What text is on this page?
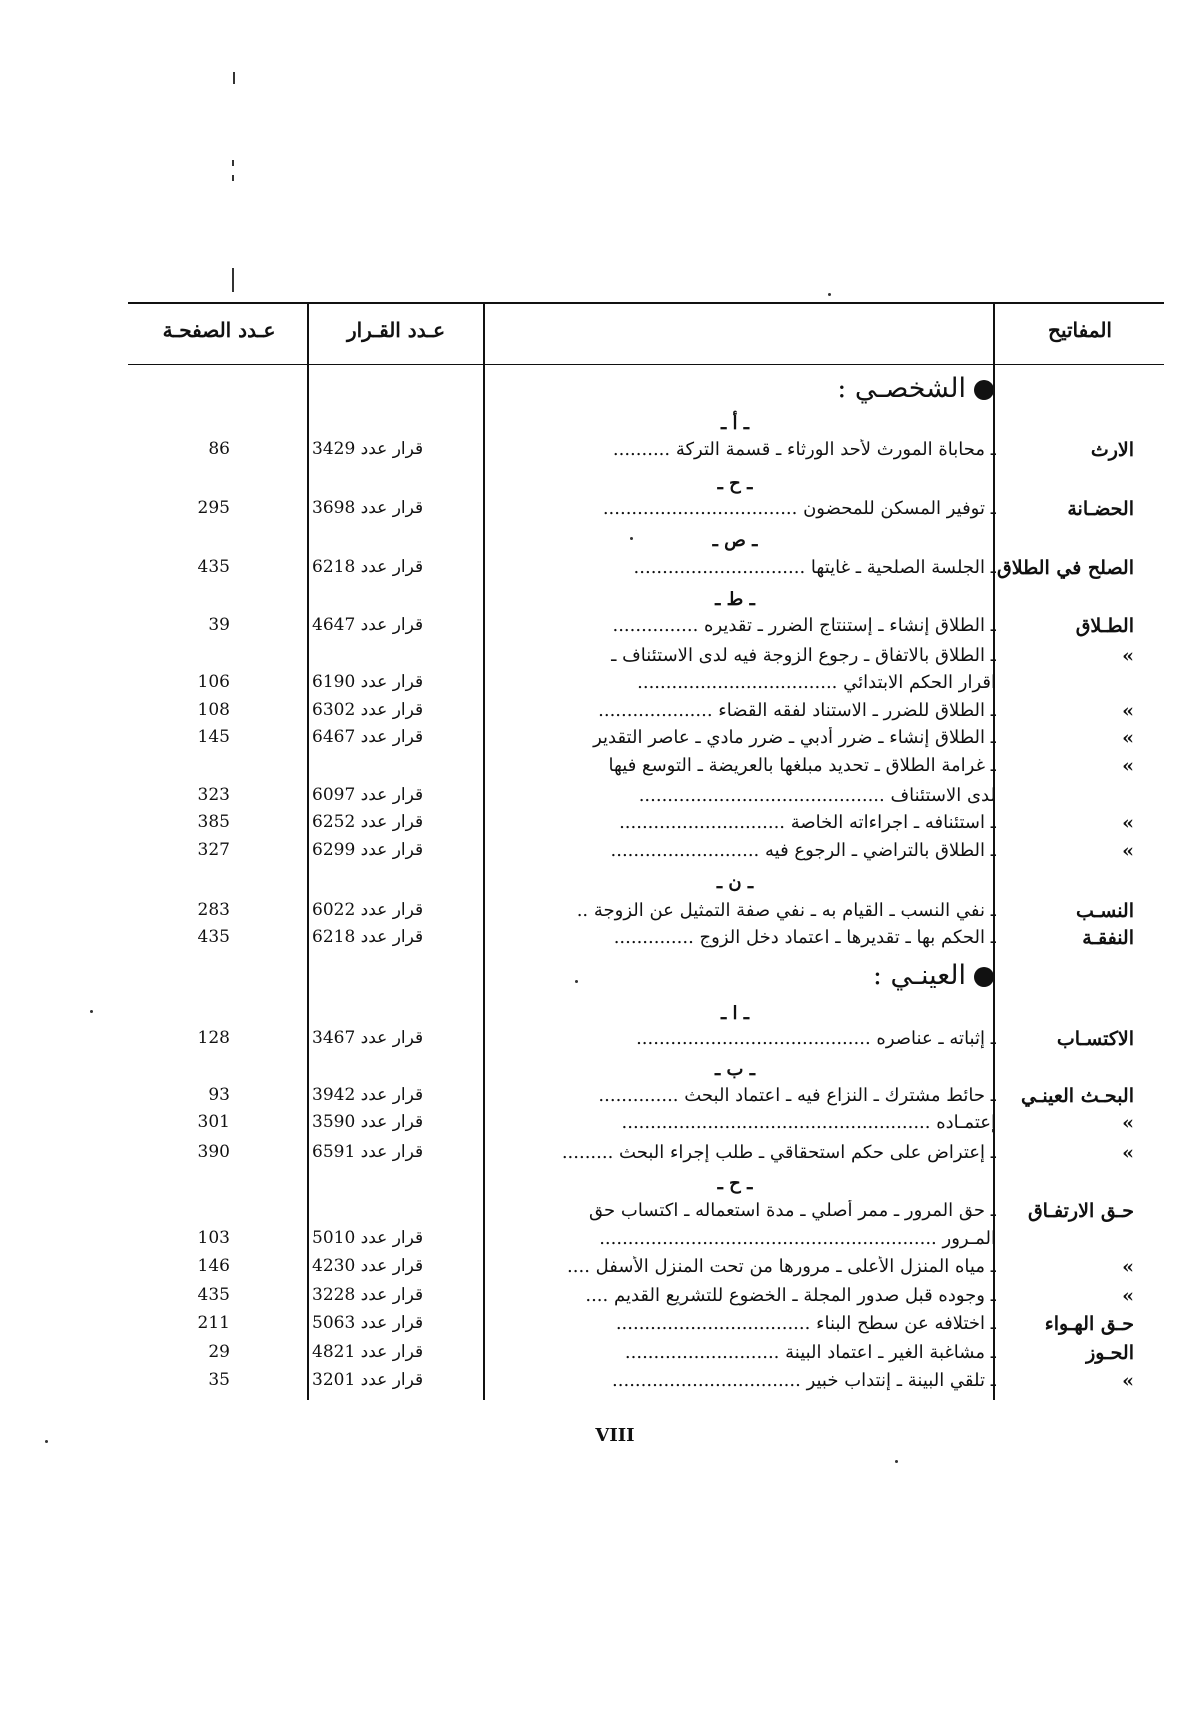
المفاتيح
عـدد القـرار
عـدد الصفحـة
الشخصـي :
ـ أ ـ
الارث
ـ محاباة المورث لأحد الورثاء ـ قسمة التركة ..........
قرار عدد 3429
86
ـ ح ـ
الحضـانة
ـ توفير المسكن للمحضون ..................................
قرار عدد 3698
295
ـ ص ـ
الصلح في الطلاق
ـ الجلسة الصلحية ـ غايتها ..............................
قرار عدد 6218
435
ـ ط ـ
الطـلاق
ـ الطلاق إنشاء ـ إستنتاج الضرر ـ تقديره ...............
قرار عدد 4647
39
»
ـ الطلاق بالاتفاق ـ رجوع الزوجة فيه لدى الاستئناف ـ
اقرار الحكم الابتدائي ...................................
قرار عدد 6190
106
»
ـ الطلاق للضرر ـ الاستناد لفقه القضاء ....................
قرار عدد 6302
108
»
ـ الطلاق إنشاء ـ ضرر أدبي ـ ضرر مادي ـ عاصر التقدير
قرار عدد 6467
145
»
ـ غرامة الطلاق ـ تحديد مبلغها بالعريضة ـ التوسع فيها
لدى الاستئناف ...........................................
قرار عدد 6097
323
»
ـ استئنافه ـ اجراءاته الخاصة .............................
قرار عدد 6252
385
»
ـ الطلاق بالتراضي ـ الرجوع فيه ..........................
قرار عدد 6299
327
ـ ن ـ
النسـب
ـ نفي النسب ـ القيام به ـ نفي صفة التمثيل عن الزوجة ..
قرار عدد 6022
283
النفقـة
ـ الحكم بها ـ تقديرها ـ اعتماد دخل الزوج ..............
قرار عدد 6218
435
العينـي :
ـ ا ـ
الاكتسـاب
ـ إثباته ـ عناصره .........................................
قرار عدد 3467
128
ـ ب ـ
البحـث العينـي
ـ حائط مشترك ـ النزاع فيه ـ اعتماد البحث ..............
قرار عدد 3942
93
»
إعتمـاده ......................................................
قرار عدد 3590
301
»
ـ إعتراض على حكم استحقاقي ـ طلب إجراء البحث .........
قرار عدد 6591
390
ـ ح ـ
حـق الارتفـاق
ـ حق المرور ـ ممر أصلي ـ مدة استعماله ـ اكتساب حق
المـرور ...........................................................
قرار عدد 5010
103
»
ـ مياه المنزل الأعلى ـ مرورها من تحت المنزل الأسفل ....
قرار عدد 4230
146
»
ـ وجوده قبل صدور المجلة ـ الخضوع للتشريع القديم ....
قرار عدد 3228
435
حـق الهـواء
ـ اختلافه عن سطح البناء ..................................
قرار عدد 5063
211
الحـوز
ـ مشاغبة الغير ـ اعتماد البينة ...........................
قرار عدد 4821
29
»
ـ تلقي البينة ـ إنتداب خبير .................................
قرار عدد 3201
35
VIII
